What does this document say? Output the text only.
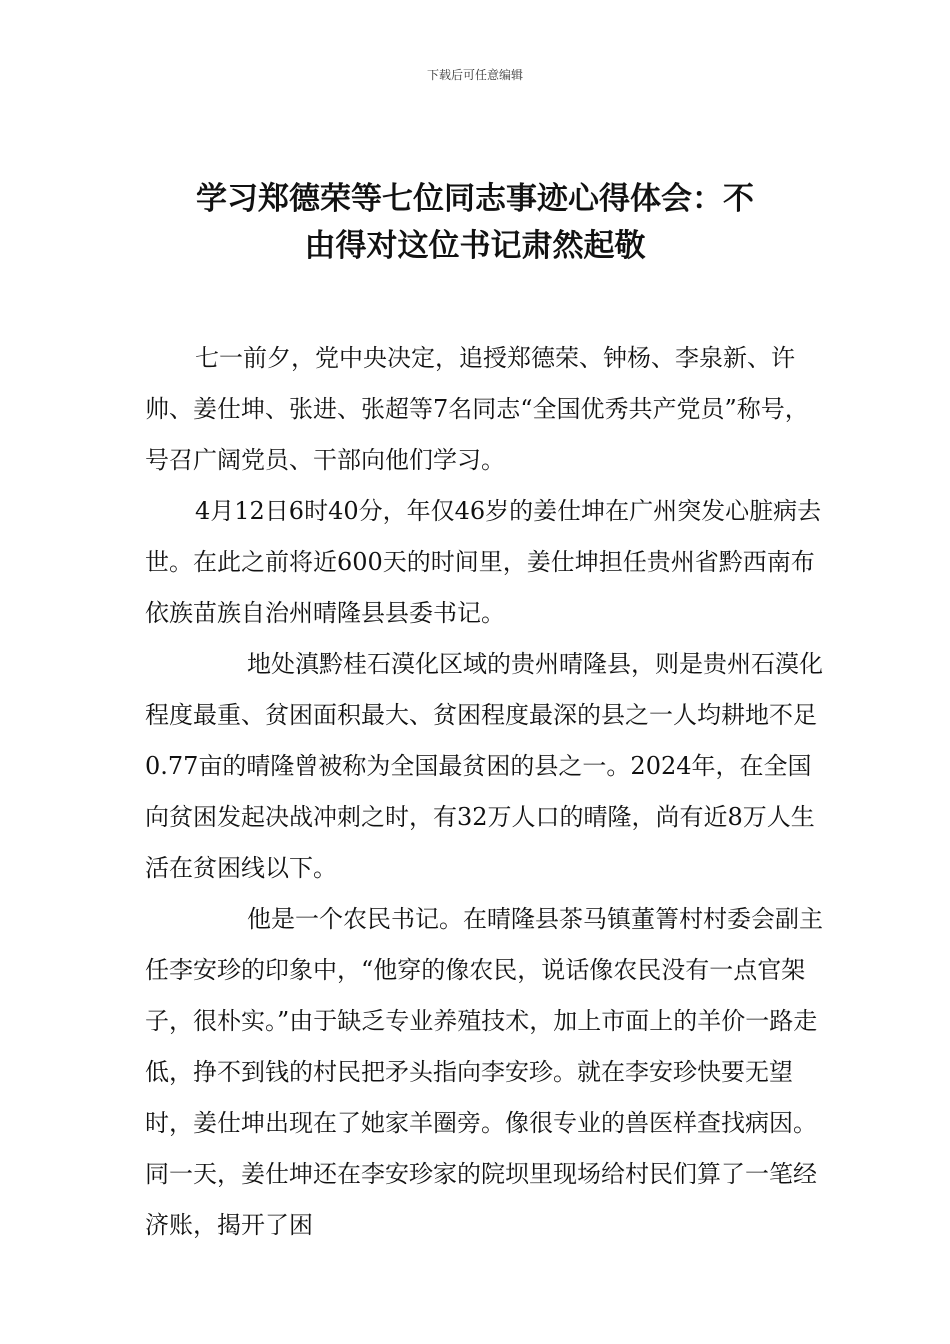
下载后可任意编辑
学习郑德荣等七位同志事迹心得体会：不
由得对这位书记肃然起敬

七一前夕，党中央决定，追授郑德荣、钟杨、李泉新、许帅、姜仕坤、张进、张超等7名同志“全国优秀共产党员”称号，号召广阔党员、干部向他们学习。

4月12日6时40分，年仅46岁的姜仕坤在广州突发心脏病去世。在此之前将近600天的时间里，姜仕坤担任贵州省黔西南布依族苗族自治州晴隆县县委书记。

地处滇黔桂石漠化区域的贵州晴隆县，则是贵州石漠化程度最重、贫困面积最大、贫困程度最深的县之一人均耕地不足0.77亩的晴隆曾被称为全国最贫困的县之一。2024年，在全国向贫困发起决战冲刺之时，有32万人口的晴隆，尚有近8万人生活在贫困线以下。

他是一个农民书记。在晴隆县茶马镇董箐村村委会副主任李安珍的印象中，“他穿的像农民，说话像农民没有一点官架子，很朴实。”由于缺乏专业养殖技术，加上市面上的羊价一路走低，挣不到钱的村民把矛头指向李安珍。就在李安珍快要无望时，姜仕坤出现在了她家羊圈旁。像很专业的兽医样查找病因。同一天，姜仕坤还在李安珍家的院坝里现场给村民们算了一笔经济账，揭开了困
